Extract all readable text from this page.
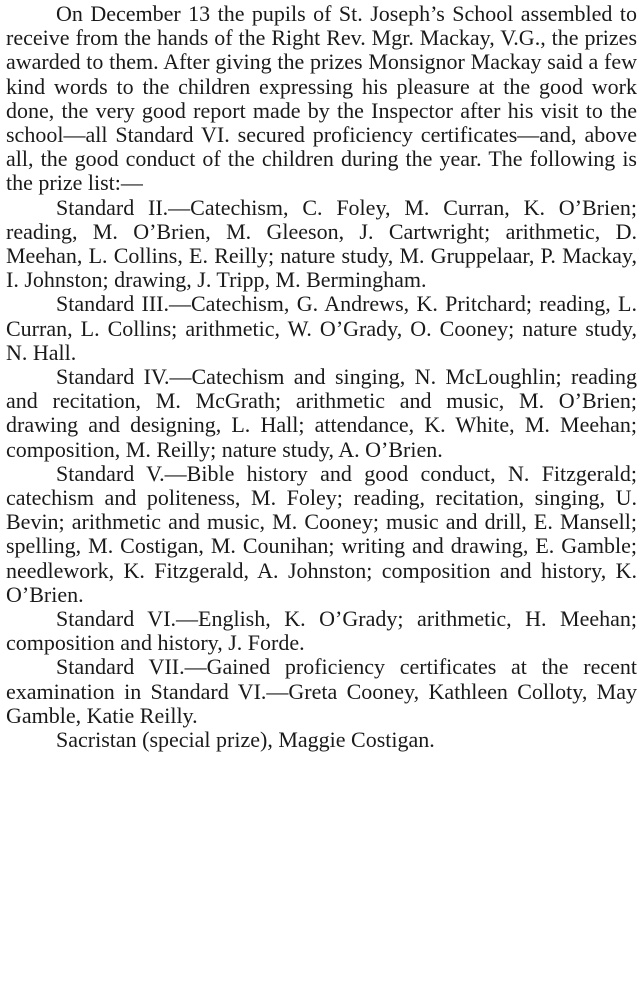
On December 13 the pupils of St. Joseph’s School assembled to receive from the hands of the Right Rev. Mgr. Mackay, V.G., the prizes awarded to them. After giving the prizes Monsignor Mackay said a few kind words to the children expressing his pleasure at the good work done, the very good report made by the Inspector after his visit to the school—all Standard VI. secured proficiency certificates—and, above all, the good conduct of the children during the year. The following is the prize list:—

Standard II.—Catechism, C. Foley, M. Curran, K. O’Brien; reading, M. O’Brien, M. Gleeson, J. Cartwright; arithmetic, D. Meehan, L. Collins, E. Reilly; nature study, M. Gruppelaar, P. Mackay, I. Johnston; drawing, J. Tripp, M. Bermingham.

Standard III.—Catechism, G. Andrews, K. Pritchard; reading, L. Curran, L. Collins; arithmetic, W. O’Grady, O. Cooney; nature study, N. Hall.

Standard IV.—Catechism and singing, N. McLoughlin; reading and recitation, M. McGrath; arithmetic and music, M. O’Brien; drawing and designing, L. Hall; attendance, K. White, M. Meehan; composition, M. Reilly; nature study, A. O’Brien.

Standard V.—Bible history and good conduct, N. Fitzgerald; catechism and politeness, M. Foley; reading, recitation, singing, U. Bevin; arithmetic and music, M. Cooney; music and drill, E. Mansell; spelling, M. Costigan, M. Counihan; writing and drawing, E. Gamble; needlework, K. Fitzgerald, A. Johnston; composition and history, K. O’Brien.

Standard VI.—English, K. O’Grady; arithmetic, H. Meehan; composition and history, J. Forde.

Standard VII.—Gained proficiency certificates at the recent examination in Standard VI.—Greta Cooney, Kathleen Colloty, May Gamble, Katie Reilly.

Sacristan (special prize), Maggie Costigan.
